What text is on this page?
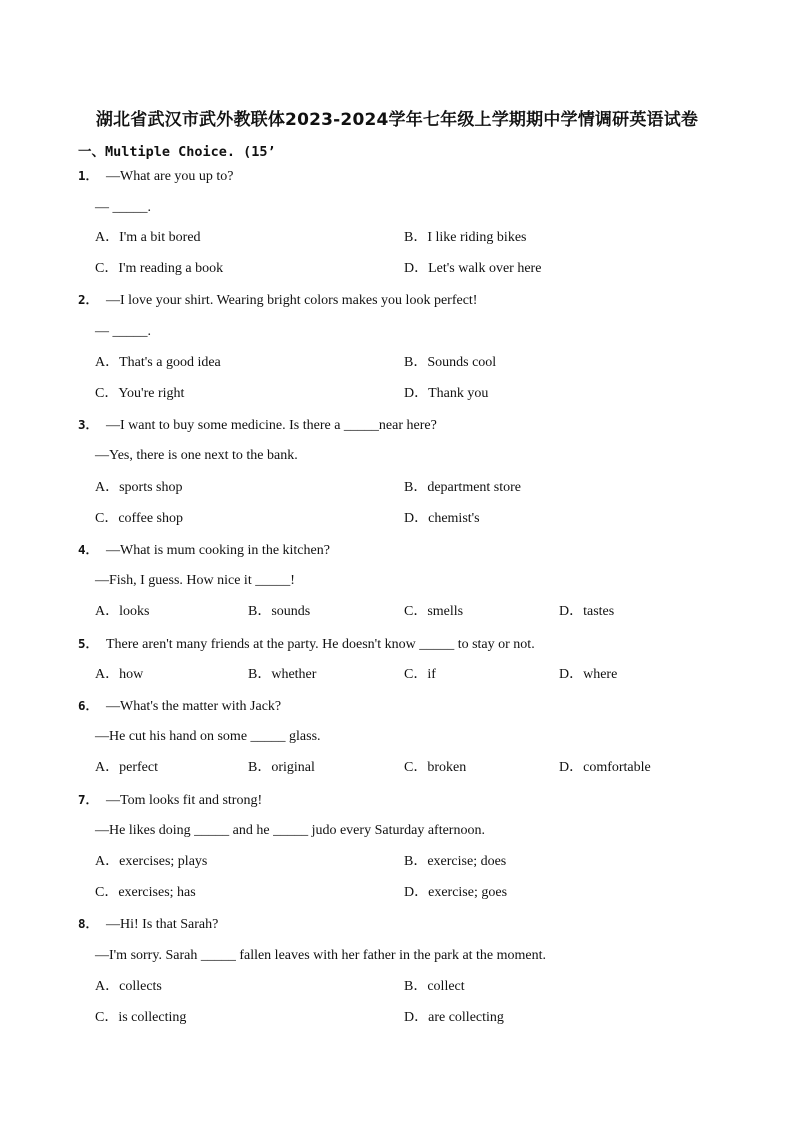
湖北省武汉市武外教联体2023-2024学年七年级上学期期中学情调研英语试卷
一、Multiple Choice. (15’
1． —What are you up to?
— _____.
A．I'm a bit bored	B．I like riding bikes
C．I'm reading a book	D．Let's walk over here
2． —I love your shirt. Wearing bright colors makes you look perfect!
— _____.
A．That's a good idea	B．Sounds cool
C．You're right	D．Thank you
3． —I want to buy some medicine. Is there a _____near here?
—Yes, there is one next to the bank.
A．sports shop	B．department store
C．coffee shop	D．chemist's
4． —What is mum cooking in the kitchen?
—Fish, I guess. How nice it _____!
A．looks	B．sounds	C．smells	D．tastes
5． There aren't many friends at the party. He doesn't know _____ to stay or not.
A．how	B．whether	C．if	D．where
6． —What's the matter with Jack?
—He cut his hand on some _____ glass.
A．perfect	B．original	C．broken	D．comfortable
7． —Tom looks fit and strong!
—He likes doing _____ and he _____ judo every Saturday afternoon.
A．exercises; plays	B．exercise; does
C．exercises; has	D．exercise; goes
8． —Hi! Is that Sarah?
—I'm sorry. Sarah _____ fallen leaves with her father in the park at the moment.
A．collects	B．collect
C．is collecting	D．are collecting
